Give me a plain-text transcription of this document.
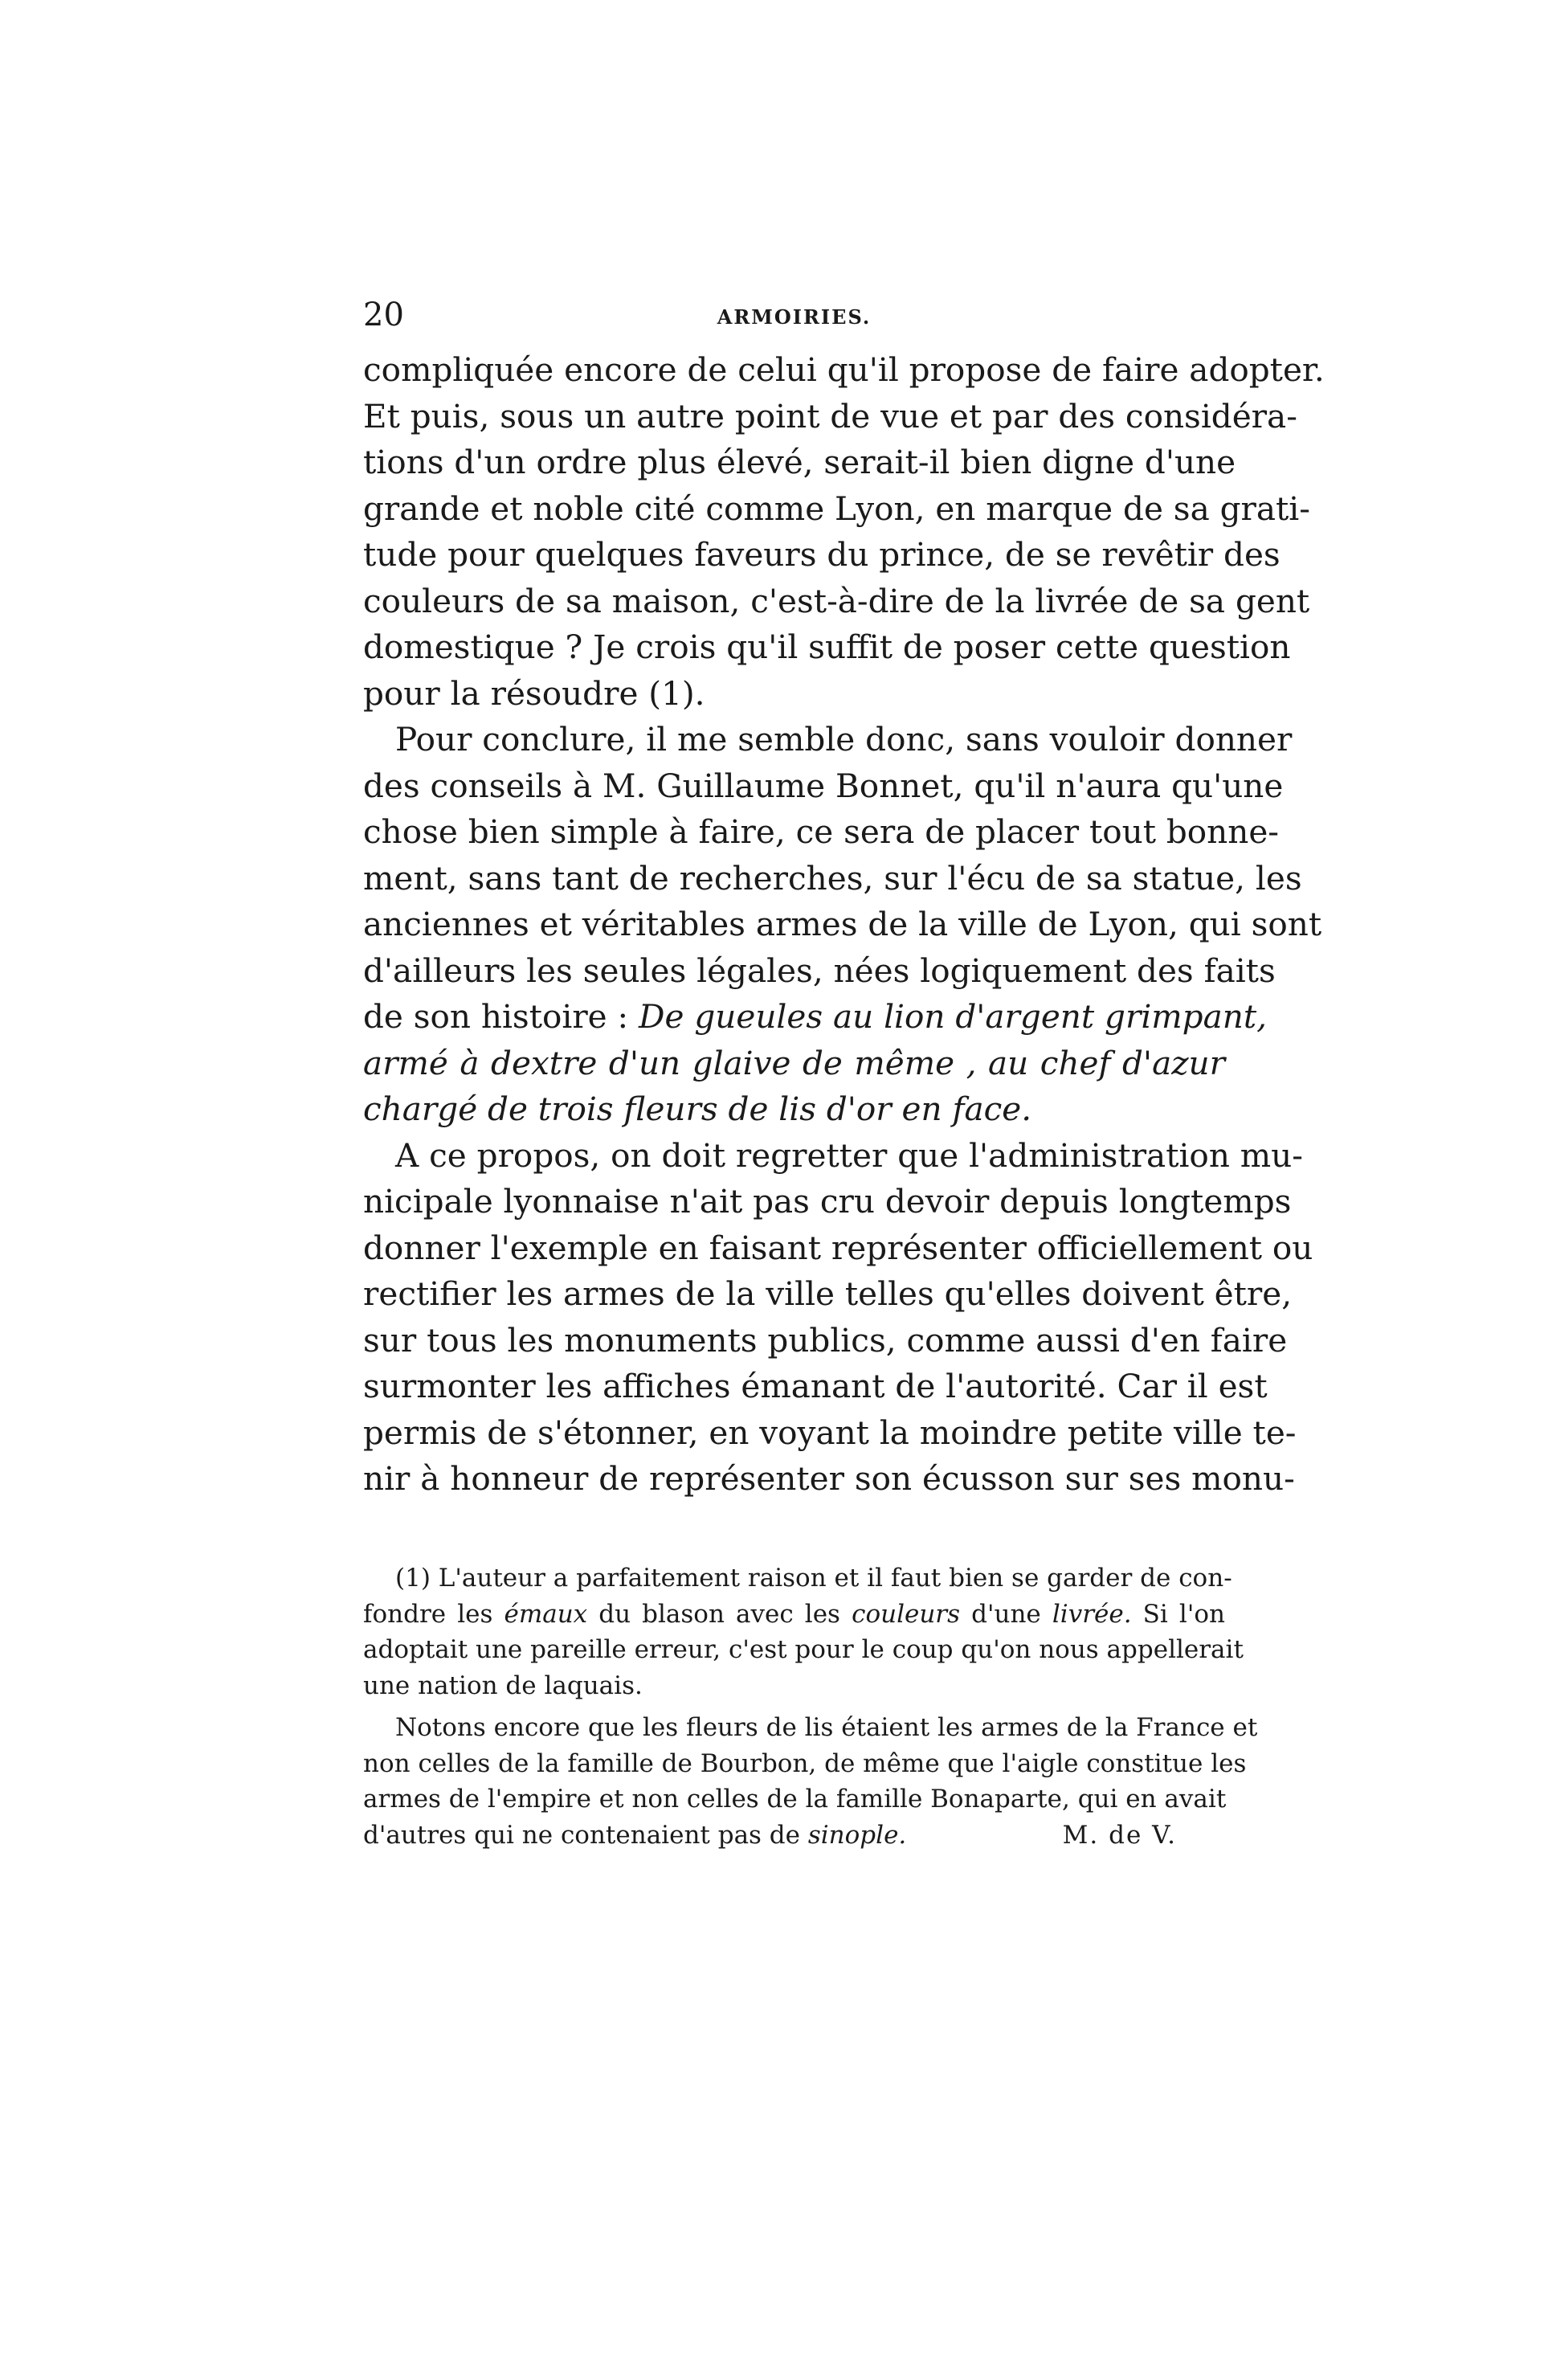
20	ARMOIRIES.
compliquée encore de celui qu'il propose de faire adopter.
Et puis, sous un autre point de vue et par des considéra-
tions d'un ordre plus élevé, serait-il bien digne d'une
grande et noble cité comme Lyon, en marque de sa grati-
tude pour quelques faveurs du prince, de se revêtir des
couleurs de sa maison, c'est-à-dire de la livrée de sa gent
domestique ? Je crois qu'il suffit de poser cette question
pour la résoudre (1).
Pour conclure, il me semble donc, sans vouloir donner
des conseils à M. Guillaume Bonnet, qu'il n'aura qu'une
chose bien simple à faire, ce sera de placer tout bonne-
ment, sans tant de recherches, sur l'écu de sa statue, les
anciennes et véritables armes de la ville de Lyon, qui sont
d'ailleurs les seules légales, nées logiquement des faits
de son histoire : De gueules au lion d'argent grimpant,
armé à dextre d'un glaive de même , au chef d'azur
chargé de trois fleurs de lis d'or en face.
A ce propos, on doit regretter que l'administration mu-
nicipale lyonnaise n'ait pas cru devoir depuis longtemps
donner l'exemple en faisant représenter officiellement ou
rectifier les armes de la ville telles qu'elles doivent être,
sur tous les monuments publics, comme aussi d'en faire
surmonter les affiches émanant de l'autorité. Car il est
permis de s'étonner, en voyant la moindre petite ville te-
nir à honneur de représenter son écusson sur ses monu-
(1) L'auteur a parfaitement raison et il faut bien se garder de con-
fondre les émaux du blason avec les couleurs d'une livrée. Si l'on
adoptait une pareille erreur, c'est pour le coup qu'on nous appellerait
une nation de laquais.
Notons encore que les fleurs de lis étaient les armes de la France et
non celles de la famille de Bourbon, de même que l'aigle constitue les
armes de l'empire et non celles de la famille Bonaparte, qui en avait
d'autres qui ne contenaient pas de sinople.	M. de V.
